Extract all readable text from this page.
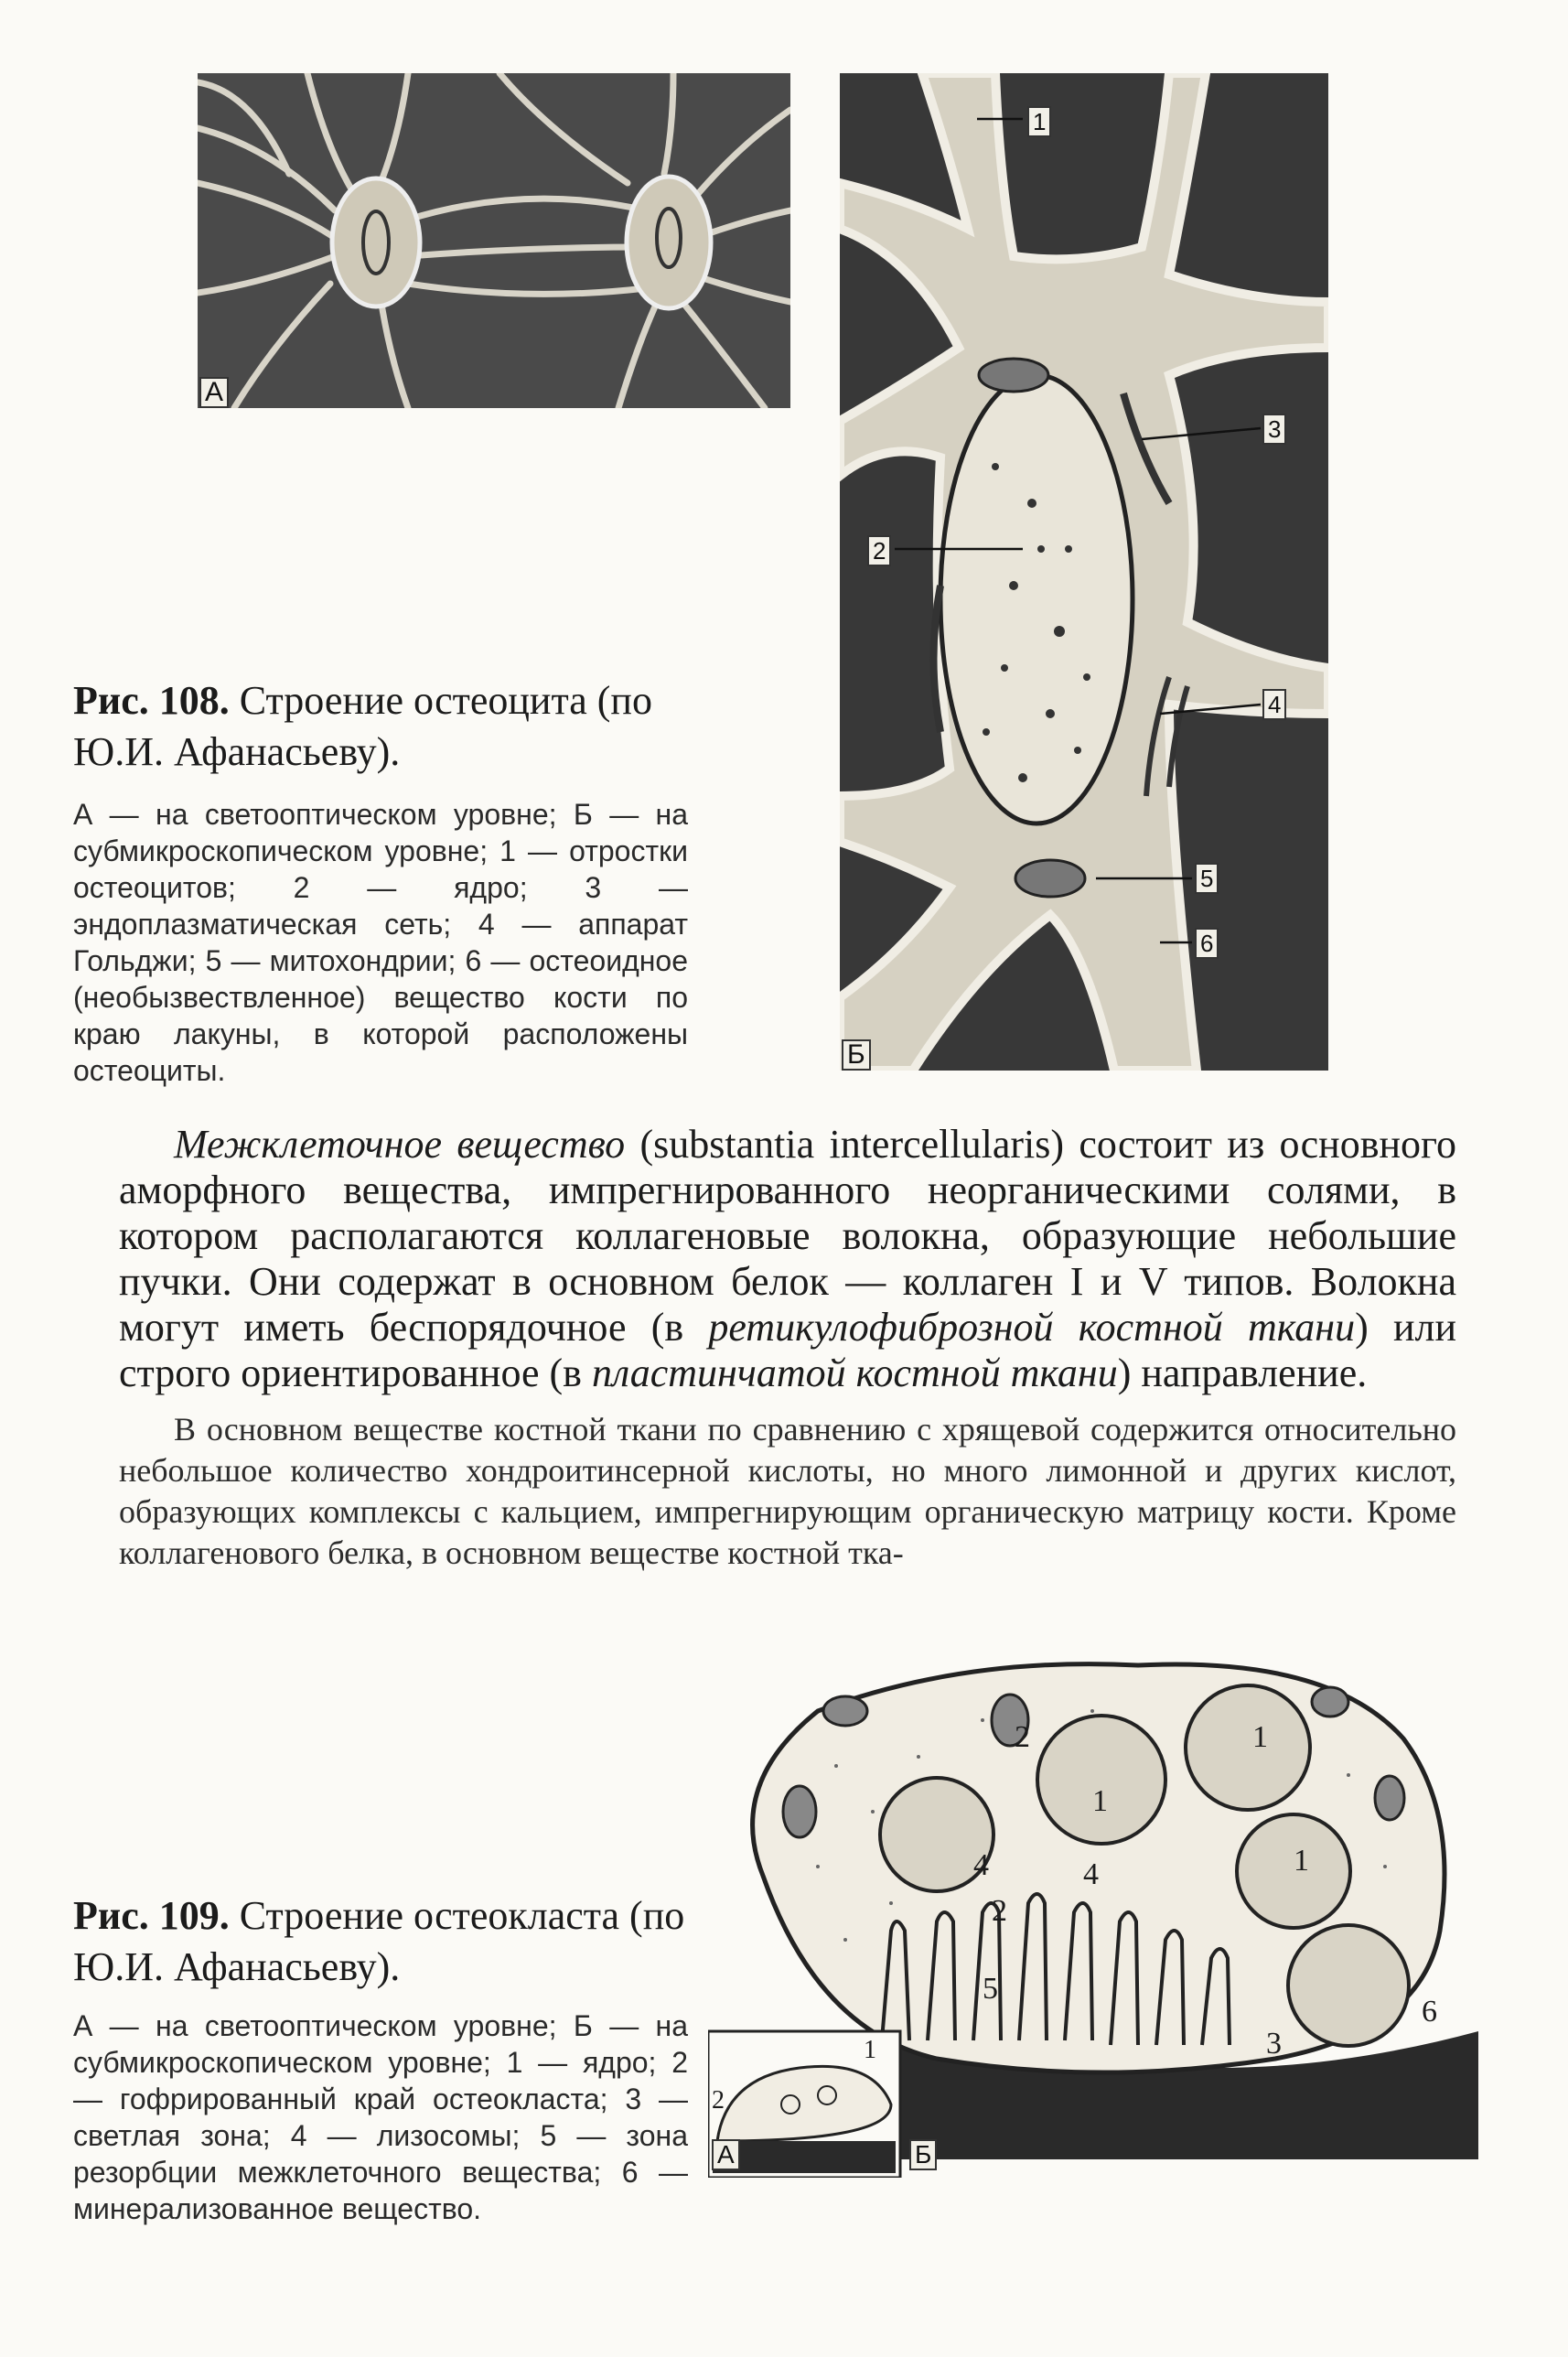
А
1
2
3
4
5
6
Б
Рис. 108. Строение остеоцита (по Ю.И. Афанасьеву).
А — на светооптическом уровне; Б — на субмикроскопическом уровне; 1 — отростки остеоцитов; 2 — ядро; 3 — эндоплазматическая сеть; 4 — аппарат Гольджи; 5 — митохондрии; 6 — остеоидное (необызвествленное) вещество кости по краю лакуны, в которой расположены остеоциты.
Межклеточное вещество (substantia intercellularis) состоит из основного аморфного вещества, импрегнированного неорганическими солями, в котором располагаются коллагеновые волокна, образующие небольшие пучки. Они содержат в основном белок — коллаген I и V типов. Волокна могут иметь беспорядочное (в ретикулофиброзной костной ткани) или строго ориентированное (в пластинчатой костной ткани) направление.
В основном веществе костной ткани по сравнению с хрящевой содержится относительно небольшое количество хондроитинсерной кислоты, но много лимонной и других кислот, образующих комплексы с кальцием, импрегнирующим органическую матрицу кости. Кроме коллагенового белка, в основном веществе костной тка-
1
1
1
2
2
3
4	4
5
6
1
2
А	Б
Рис. 109. Строение остеокласта (по Ю.И. Афанасьеву).
А — на светооптическом уровне; Б — на субмикроскопическом уровне; 1 — ядро; 2 — гофрированный край остеокласта; 3 — светлая зона; 4 — лизосомы; 5 — зона резорбции межклеточного вещества; 6 — минерализованное вещество.
